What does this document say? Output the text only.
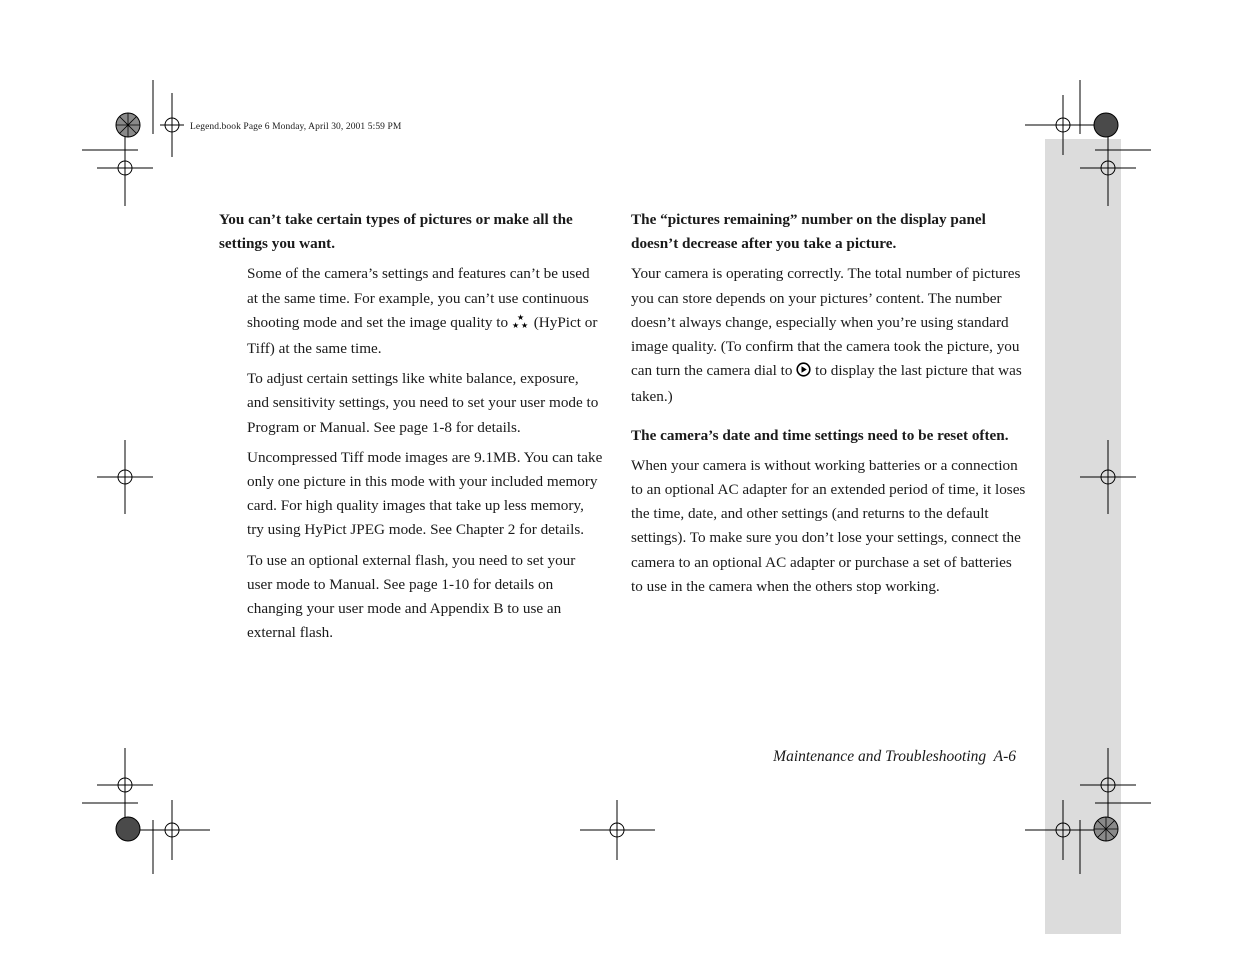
Legend.book Page 6 Monday, April 30, 2001 5:59 PM

You can’t take certain types of pictures or make all the settings you want.

Some of the camera’s settings and features can’t be used at the same time. For example, you can’t use continuous shooting mode and set the image quality to ★
★ ★ (HyPict or Tiff) at the same time.

To adjust certain settings like white balance, exposure, and sensitivity settings, you need to set your user mode to Program or Manual. See page 1-8 for details.

Uncompressed Tiff mode images are 9.1MB. You can take only one picture in this mode with your included memory card. For high quality images that take up less memory, try using HyPict JPEG mode. See Chapter 2 for details.

To use an optional external flash, you need to set your user mode to Manual. See page 1-10 for details on changing your user mode and Appendix B to use an external flash.

The “pictures remaining” number on the display panel doesn’t decrease after you take a picture.

Your camera is operating correctly. The total number of pictures you can store depends on your pictures’ content. The number doesn’t always change, especially when you’re using standard image quality. (To confirm that the camera took the picture, you can turn the camera dial to to display the last picture that was taken.)

The camera’s date and time settings need to be reset often.

When your camera is without working batteries or a connection to an optional AC adapter for an extended period of time, it loses the time, date, and other settings (and returns to the default settings). To make sure you don’t lose your settings, connect the camera to an optional AC adapter or purchase a set of batteries to use in the camera when the others stop working.

Maintenance and Troubleshooting A-6
